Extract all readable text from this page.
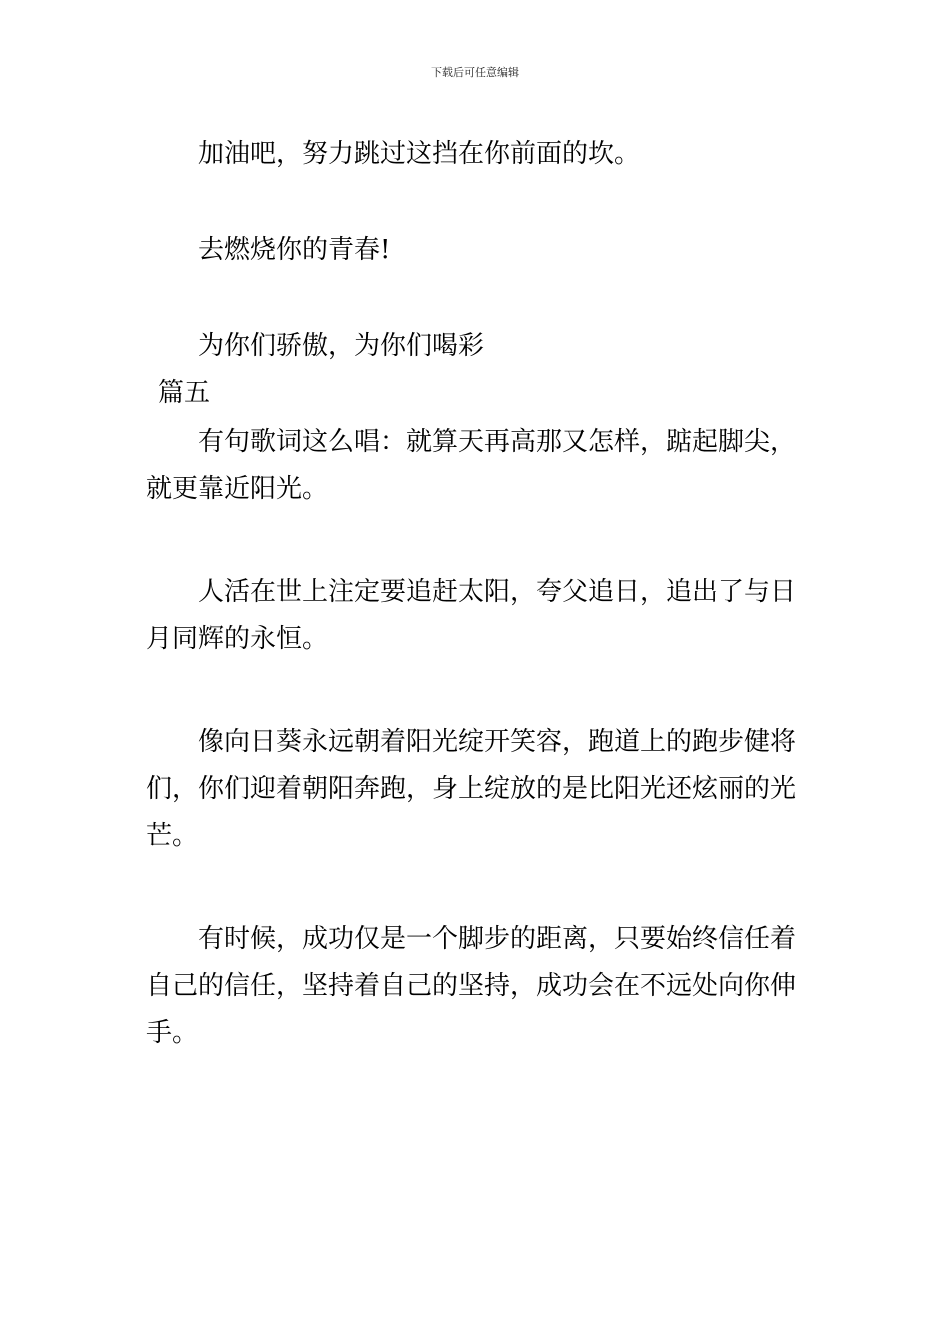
下载后可任意编辑

加油吧，努力跳过这挡在你前面的坎。

去燃烧你的青春!

为你们骄傲，为你们喝彩

篇五

有句歌词这么唱：就算天再高那又怎样，踮起脚尖，就更靠近阳光。

人活在世上注定要追赶太阳，夸父追日，追出了与日月同辉的永恒。

像向日葵永远朝着阳光绽开笑容，跑道上的跑步健将们，你们迎着朝阳奔跑，身上绽放的是比阳光还炫丽的光芒。

有时候，成功仅是一个脚步的距离，只要始终信任着自己的信任，坚持着自己的坚持，成功会在不远处向你伸手。
